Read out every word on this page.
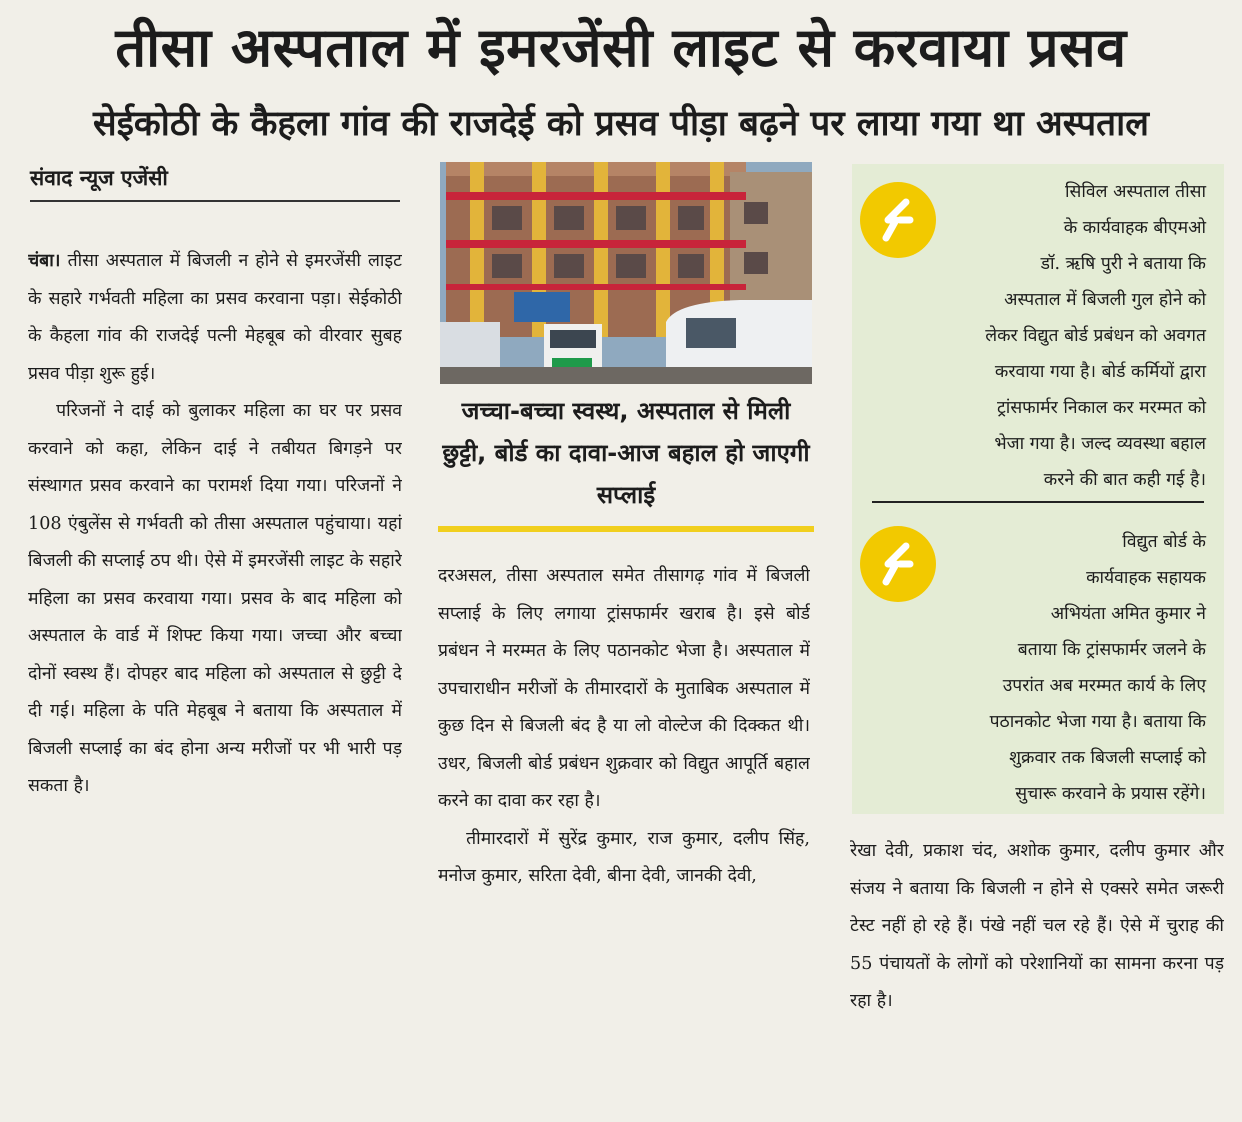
तीसा अस्पताल में इमरजेंसी लाइट से करवाया प्रसव
सेईकोठी के कैहला गांव की राजदेई को प्रसव पीड़ा बढ़ने पर लाया गया था अस्पताल
संवाद न्यूज एजेंसी

चंबा। तीसा अस्पताल में बिजली न होने से इमरजेंसी लाइट के सहारे गर्भवती महिला का प्रसव करवाना पड़ा। सेईकोठी के कैहला गांव की राजदेई पत्नी मेहबूब को वीरवार सुबह प्रसव पीड़ा शुरू हुई।

परिजनों ने दाई को बुलाकर महिला का घर पर प्रसव करवाने को कहा, लेकिन दाई ने तबीयत बिगड़ने पर संस्थागत प्रसव करवाने का परामर्श दिया गया। परिजनों ने 108 एंबुलेंस से गर्भवती को तीसा अस्पताल पहुंचाया। यहां बिजली की सप्लाई ठप थी। ऐसे में इमरजेंसी लाइट के सहारे महिला का प्रसव करवाया गया। प्रसव के बाद महिला को अस्पताल के वार्ड में शिफ्ट किया गया। जच्चा और बच्चा दोनों स्वस्थ हैं। दोपहर बाद महिला को अस्पताल से छुट्टी दे दी गई। महिला के पति मेहबूब ने बताया कि अस्पताल में बिजली सप्लाई का बंद होना अन्य मरीजों पर भी भारी पड़ सकता है।

जच्चा-बच्चा स्वस्थ, अस्पताल से मिली छुट्टी, बोर्ड का दावा-आज बहाल हो जाएगी सप्लाई

दरअसल, तीसा अस्पताल समेत तीसागढ़ गांव में बिजली सप्लाई के लिए लगाया ट्रांसफार्मर खराब है। इसे बोर्ड प्रबंधन ने मरम्मत के लिए पठानकोट भेजा है। अस्पताल में उपचाराधीन मरीजों के तीमारदारों के मुताबिक अस्पताल में कुछ दिन से बिजली बंद है या लो वोल्टेज की दिक्कत थी। उधर, बिजली बोर्ड प्रबंधन शुक्रवार को विद्युत आपूर्ति बहाल करने का दावा कर रहा है।

तीमारदारों में सुरेंद्र कुमार, राज कुमार, दलीप सिंह, मनोज कुमार, सरिता देवी, बीना देवी, जानकी देवी,

सिविल अस्पताल तीसा
के कार्यवाहक बीएमओ
डॉ. ऋषि पुरी ने बताया कि
अस्पताल में बिजली गुल होने को
लेकर विद्युत बोर्ड प्रबंधन को अवगत
करवाया गया है। बोर्ड कर्मियों द्वारा
ट्रांसफार्मर निकाल कर मरम्मत को
भेजा गया है। जल्द व्यवस्था बहाल
करने की बात कही गई है।
विद्युत बोर्ड के
कार्यवाहक सहायक
अभियंता अमित कुमार ने
बताया कि ट्रांसफार्मर जलने के
उपरांत अब मरम्मत कार्य के लिए
पठानकोट भेजा गया है। बताया कि
शुक्रवार तक बिजली सप्लाई को
सुचारू करवाने के प्रयास रहेंगे।

रेखा देवी, प्रकाश चंद, अशोक कुमार, दलीप कुमार और संजय ने बताया कि बिजली न होने से एक्सरे समेत जरूरी टेस्ट नहीं हो रहे हैं। पंखे नहीं चल रहे हैं। ऐसे में चुराह की 55 पंचायतों के लोगों को परेशानियों का सामना करना पड़ रहा है।
